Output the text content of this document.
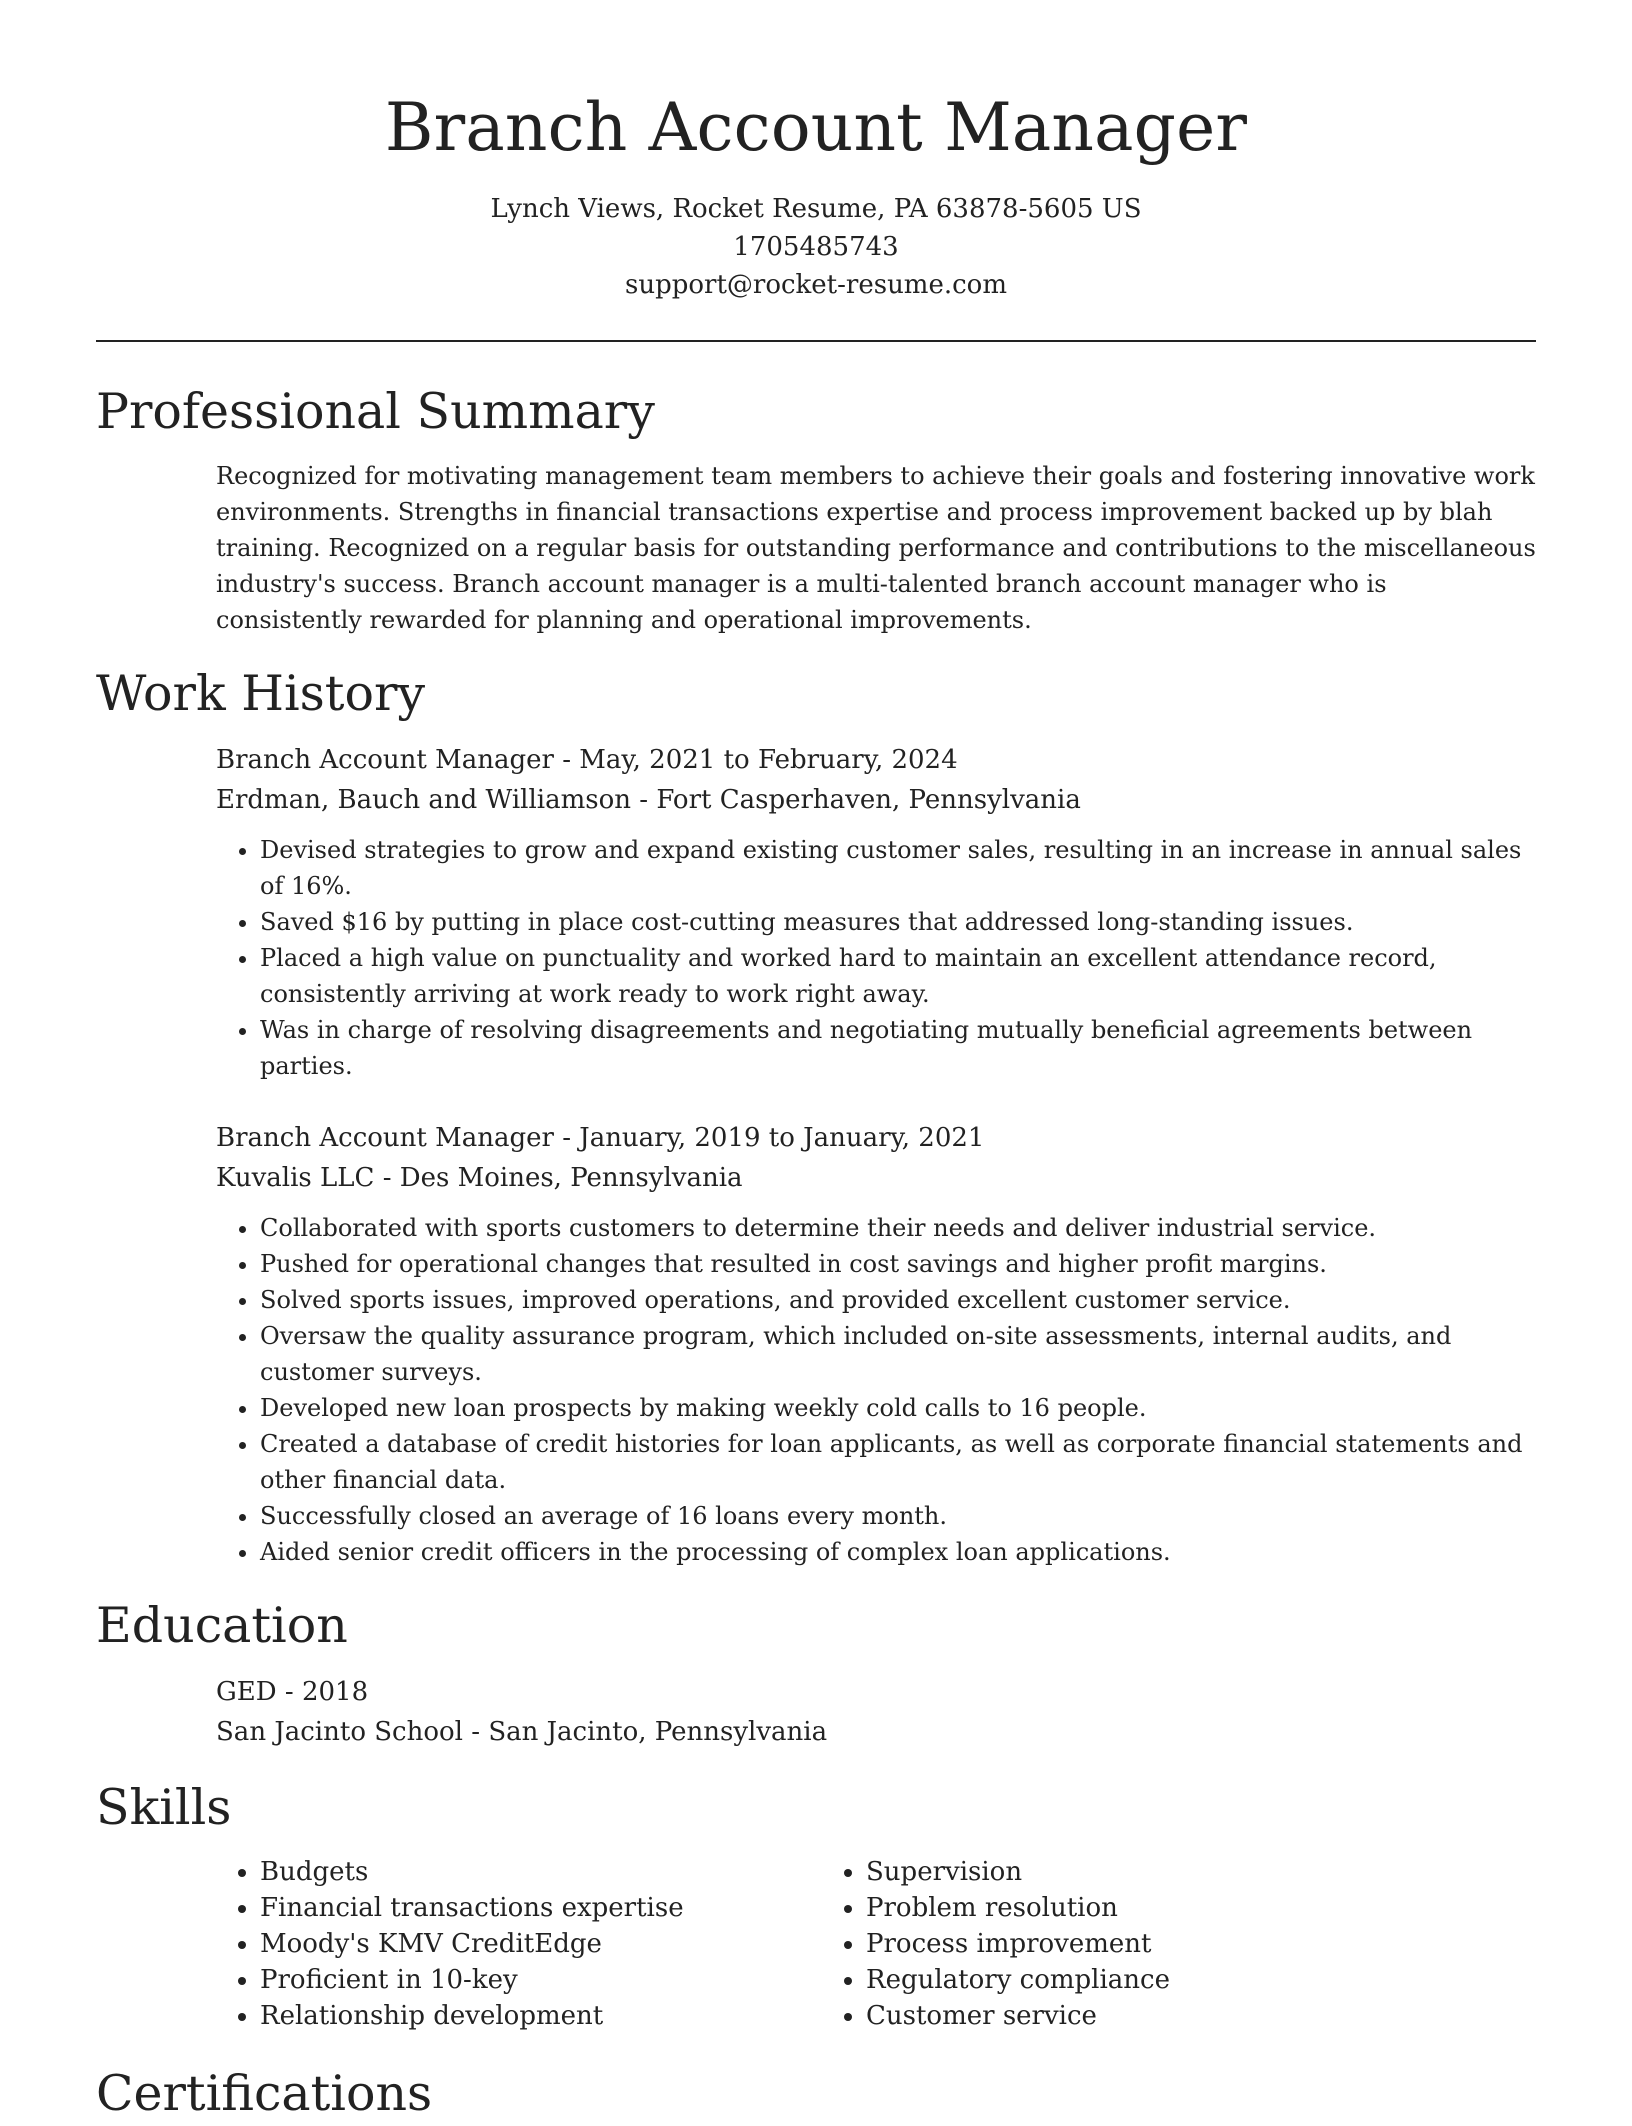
Branch Account Manager
Lynch Views, Rocket Resume, PA 63878-5605 US
1705485743
support@rocket-resume.com
Professional Summary
Recognized for motivating management team members to achieve their goals and fostering innovative work environments. Strengths in financial transactions expertise and process improvement backed up by blah training. Recognized on a regular basis for outstanding performance and contributions to the miscellaneous industry's success. Branch account manager is a multi-talented branch account manager who is consistently rewarded for planning and operational improvements.
Work History
Branch Account Manager - May, 2021 to February, 2024
Erdman, Bauch and Williamson - Fort Casperhaven, Pennsylvania
• Devised strategies to grow and expand existing customer sales, resulting in an increase in annual sales of 16%.
• Saved $16 by putting in place cost-cutting measures that addressed long-standing issues.
• Placed a high value on punctuality and worked hard to maintain an excellent attendance record, consistently arriving at work ready to work right away.
• Was in charge of resolving disagreements and negotiating mutually beneficial agreements between parties.
Branch Account Manager - January, 2019 to January, 2021
Kuvalis LLC - Des Moines, Pennsylvania
• Collaborated with sports customers to determine their needs and deliver industrial service.
• Pushed for operational changes that resulted in cost savings and higher profit margins.
• Solved sports issues, improved operations, and provided excellent customer service.
• Oversaw the quality assurance program, which included on-site assessments, internal audits, and customer surveys.
• Developed new loan prospects by making weekly cold calls to 16 people.
• Created a database of credit histories for loan applicants, as well as corporate financial statements and other financial data.
• Successfully closed an average of 16 loans every month.
• Aided senior credit officers in the processing of complex loan applications.
Education
GED - 2018
San Jacinto School - San Jacinto, Pennsylvania
Skills
• Budgets
• Financial transactions expertise
• Moody's KMV CreditEdge
• Proficient in 10-key
• Relationship development
• Supervision
• Problem resolution
• Process improvement
• Regulatory compliance
• Customer service
Certifications
